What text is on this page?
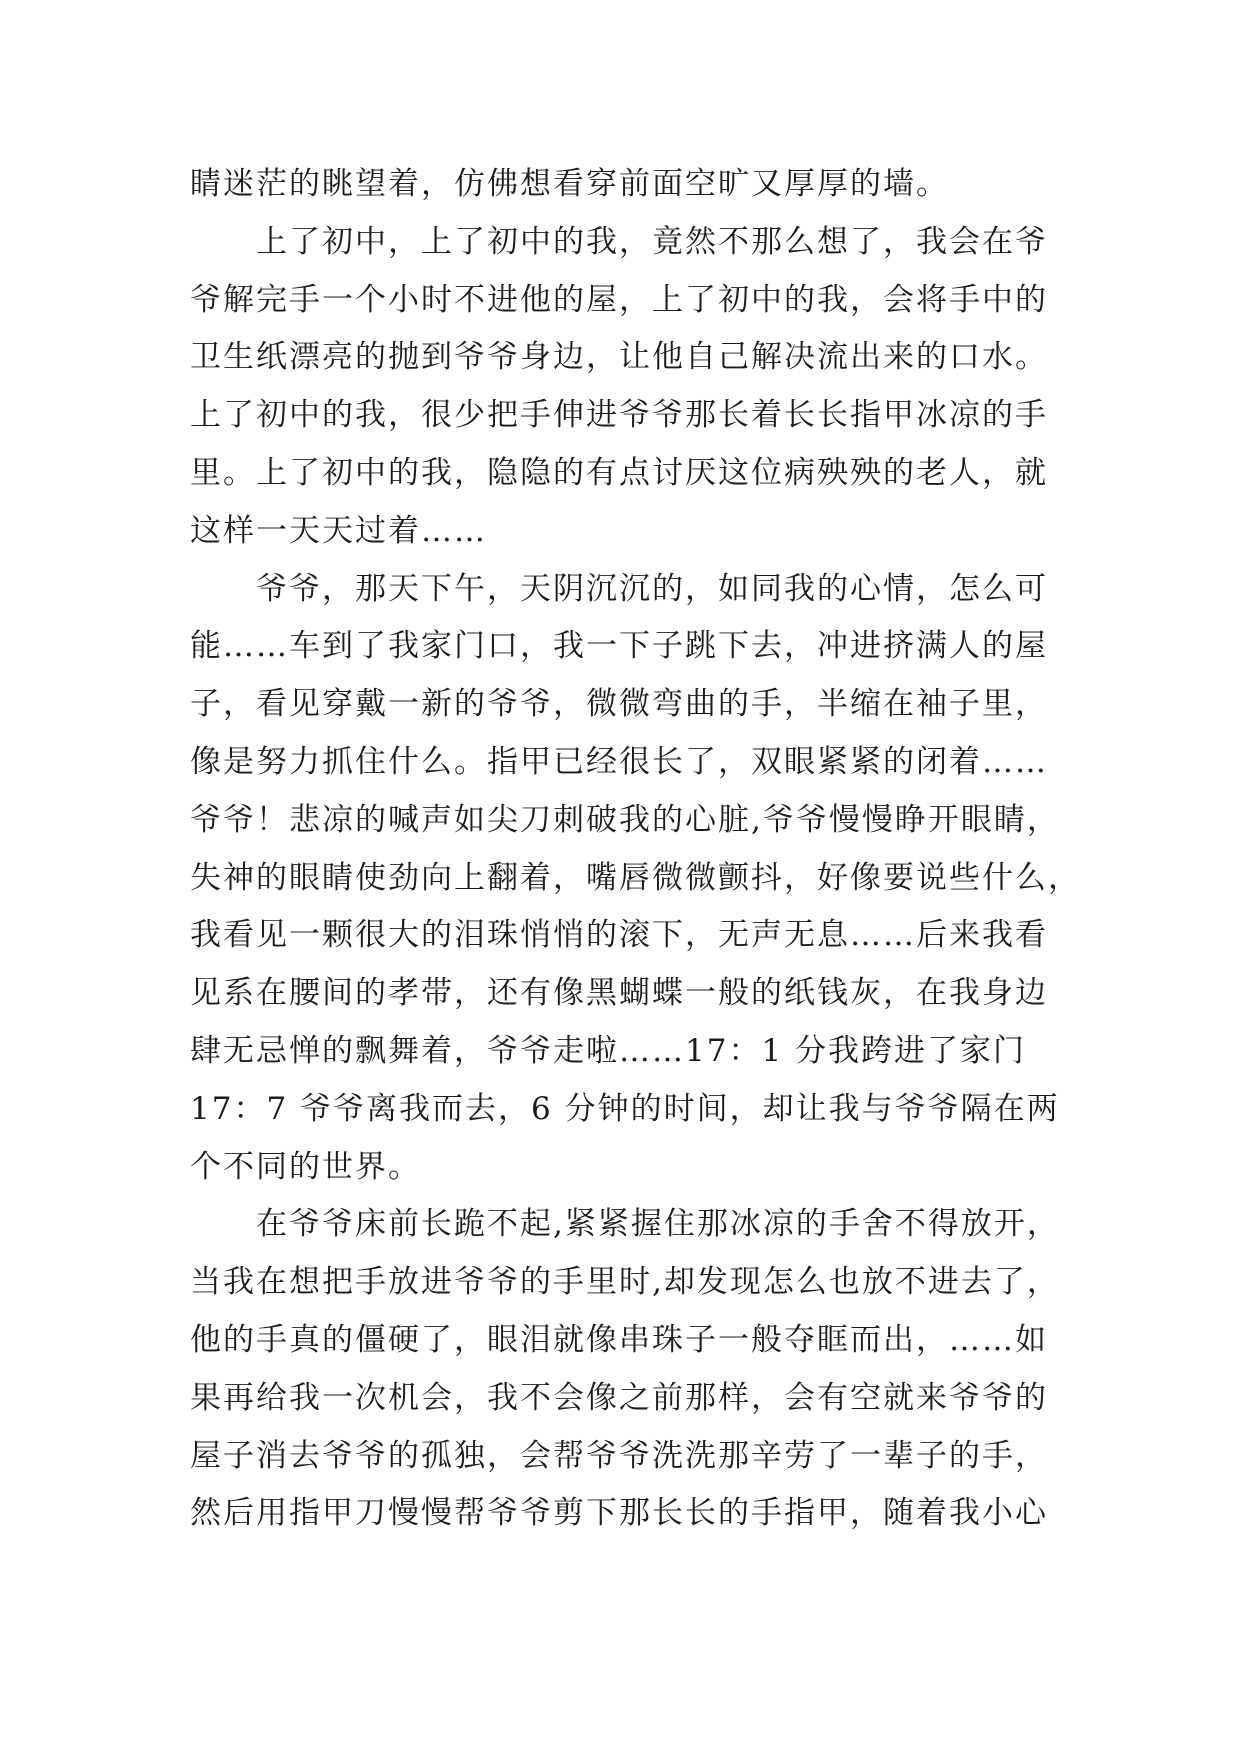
睛迷茫的眺望着，仿佛想看穿前面空旷又厚厚的墙。
上了初中，上了初中的我，竟然不那么想了，我会在爷
爷解完手一个小时不进他的屋，上了初中的我，会将手中的
卫生纸漂亮的抛到爷爷身边，让他自己解决流出来的口水。
上了初中的我，很少把手伸进爷爷那长着长长指甲冰凉的手
里。上了初中的我，隐隐的有点讨厌这位病殃殃的老人，就
这样一天天过着……
爷爷，那天下午，天阴沉沉的，如同我的心情，怎么可
能……车到了我家门口，我一下子跳下去，冲进挤满人的屋
子，看见穿戴一新的爷爷，微微弯曲的手，半缩在袖子里，
像是努力抓住什么。指甲已经很长了，双眼紧紧的闭着……
爷爷！悲凉的喊声如尖刀刺破我的心脏,爷爷慢慢睁开眼睛，
失神的眼睛使劲向上翻着，嘴唇微微颤抖，好像要说些什么，
我看见一颗很大的泪珠悄悄的滚下，无声无息……后来我看
见系在腰间的孝带，还有像黑蝴蝶一般的纸钱灰，在我身边
肆无忌惮的飘舞着，爷爷走啦……17：1 分我跨进了家门
17：7 爷爷离我而去，6 分钟的时间，却让我与爷爷隔在两
个不同的世界。
在爷爷床前长跪不起,紧紧握住那冰凉的手舍不得放开，
当我在想把手放进爷爷的手里时,却发现怎么也放不进去了，
他的手真的僵硬了，眼泪就像串珠子一般夺眶而出，……如
果再给我一次机会，我不会像之前那样，会有空就来爷爷的
屋子消去爷爷的孤独，会帮爷爷洗洗那辛劳了一辈子的手，
然后用指甲刀慢慢帮爷爷剪下那长长的手指甲，随着我小心
